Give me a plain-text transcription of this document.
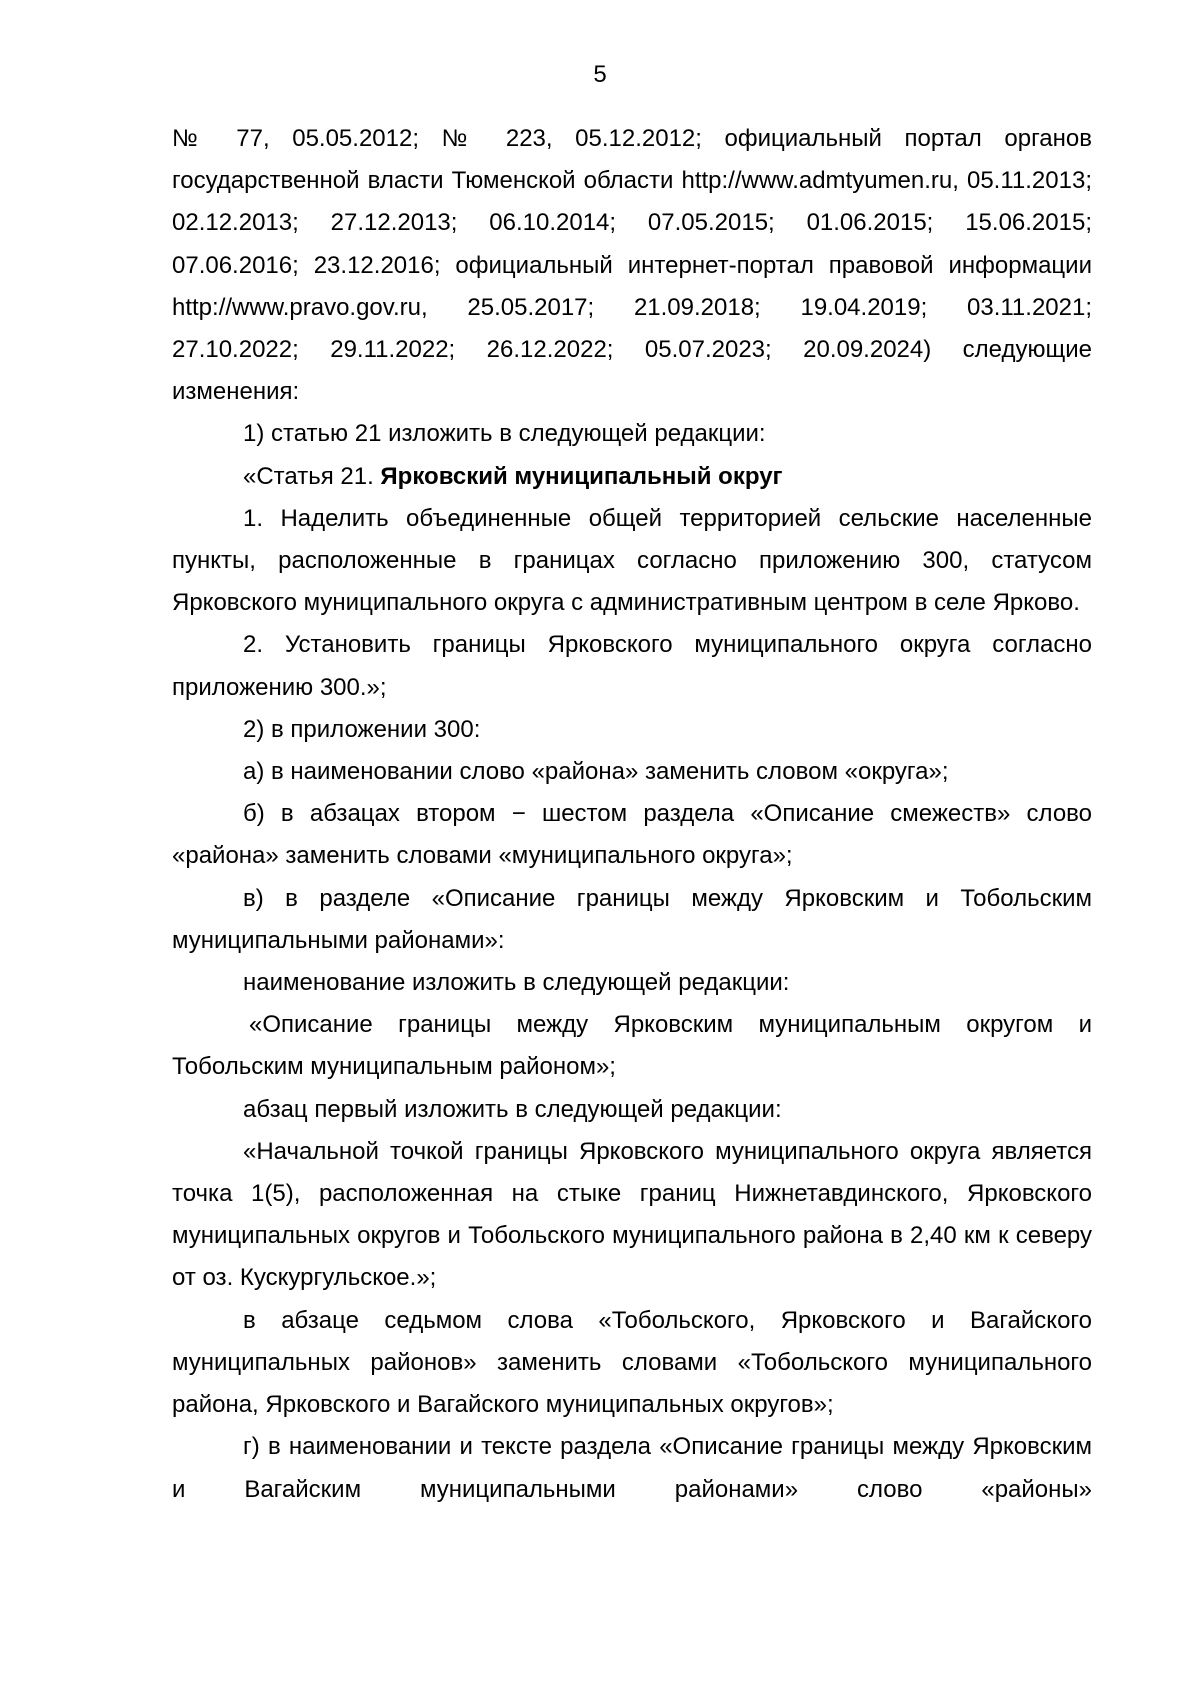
5

№ 77, 05.05.2012; № 223, 05.12.2012; официальный портал органов государственной власти Тюменской области http://www.admtyumen.ru, 05.11.2013; 02.12.2013; 27.12.2013; 06.10.2014; 07.05.2015; 01.06.2015; 15.06.2015; 07.06.2016; 23.12.2016; официальный интернет-портал правовой информации http://www.pravo.gov.ru, 25.05.2017; 21.09.2018; 19.04.2019; 03.11.2021; 27.10.2022; 29.11.2022; 26.12.2022; 05.07.2023; 20.09.2024) следующие изменения:

1) статью 21 изложить в следующей редакции:

«Статья 21. Ярковский муниципальный округ

1. Наделить объединенные общей территорией сельские населенные пункты, расположенные в границах согласно приложению 300, статусом Ярковского муниципального округа с административным центром в селе Ярково.

2. Установить границы Ярковского муниципального округа согласно приложению 300.»;

2) в приложении 300:

а) в наименовании слово «района» заменить словом «округа»;

б) в абзацах втором − шестом раздела «Описание смежеств» слово «района» заменить словами «муниципального округа»;

в) в разделе «Описание границы между Ярковским и Тобольским муниципальными районами»:

наименование изложить в следующей редакции:

«Описание границы между Ярковским муниципальным округом и Тобольским муниципальным районом»;

абзац первый изложить в следующей редакции:

«Начальной точкой границы Ярковского муниципального округа является точка 1(5), расположенная на стыке границ Нижнетавдинского, Ярковского муниципальных округов и Тобольского муниципального района в 2,40 км к северу от оз. Кускургульское.»;

в абзаце седьмом слова «Тобольского, Ярковского и Вагайского муниципальных районов» заменить словами «Тобольского муниципального района, Ярковского и Вагайского муниципальных округов»;

г) в наименовании и тексте раздела «Описание границы между Ярковским и Вагайским муниципальными районами» слово «районы»
